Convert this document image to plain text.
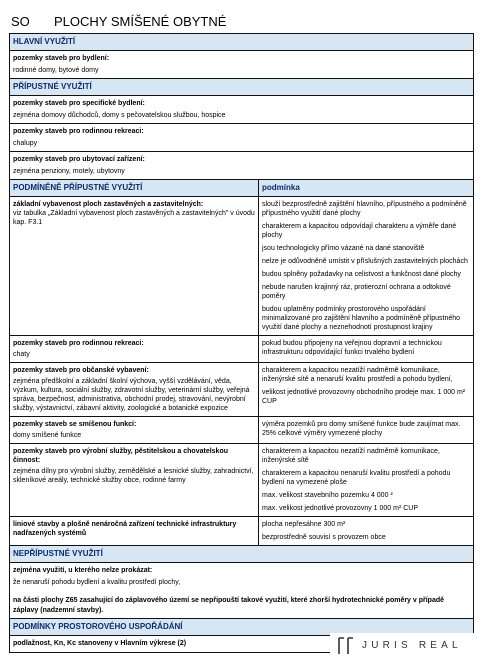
SO PLOCHY SMÍŠENÉ OBYTNÉ
HLAVNÍ VYUŽITÍ
pozemky staveb pro bydlení:
rodinné domy, bytové domy
PŘÍPUSTNÉ VYUŽITÍ
pozemky staveb pro specifické bydlení:
zejména domovy důchodců, domy s pečovatelskou službou, hospice
pozemky staveb pro rodinnou rekreaci:
chalupy
pozemky staveb pro ubytovací zařízení:
zejména penziony, motely, ubytovny
PODMÍNĚNĚ PŘÍPUSTNÉ VYUŽITÍ	podmínka
základní vybavenost ploch zastavěných a zastavitelných:
viz tabulka „Základní vybavenost ploch zastavěných a zastavitelných" v úvodu kap. F3.1
slouží bezprostředně zajištění hlavního, přípustného a podmíněně přípustného využití dané plochy
charakterem a kapacitou odpovídají charakteru a výměře dané plochy
jsou technologicky přímo vázané na dané stanoviště
nelze je odůvodněně umístit v příslušných zastavitelných plochách
budou splněny požadavky na celistvost a funkčnost dané plochy
nebude narušen krajinný ráz, protierozní ochrana a odtokové poměry
budou uplatněny podmínky prostorového uspořádání minimalizované pro zajištění hlavního a podmíněně přípustného využití dané plochy a neznehodnotí prostupnost krajiny
pozemky staveb pro rodinnou rekreaci:
chaty
pokud budou připojeny na veřejnou dopravní a technickou infrastrukturu odpovídající funkci trvalého bydlení
pozemky staveb pro občanské vybavení:
zejména předškolní a základní školní výchova, vyšší vzdělávání, věda, výzkum, kultura, sociální služby, zdravotní služby, veterinární služby, veřejná správa, bezpečnost, administrativa, obchodní prodej, stravování, nevýrobní služby, výstavnictví, zábavní aktivity, zoologické a botanické expozice
charakterem a kapacitou nezatíží nadměrně komunikace, inženýrské sítě a nenaruší kvalitu prostředí a pohodu bydlení,
velikost jednotlivé provozovny obchodního prodeje max. 1 000 m² CUP
pozemky staveb se smíšenou funkcí:
domy smíšené funkce
výměra pozemků pro domy smíšené funkce bude zaujímat max. 25% celkové výměry vymezené plochy
pozemky staveb pro výrobní služby, pěstitelskou a chovatelskou činnost:
zejména dílny pro výrobní služby, zemědělské a lesnické služby, zahradnictví, skleníkové areály, technické služby obce, rodinné farmy
charakterem a kapacitou nezatíží nadměrně komunikace, inženýrské sítě
charakterem a kapacitou nenaruší kvalitu prostředí a pohodu bydlení na vymezené ploše
max. velikost stavebního pozemku 4 000 ²
max. velikost jednotlivé provozovny 1 000 m² CUP
liniové stavby a plošně nenáročná zařízení technické infrastruktury nadřazených systémů
plocha nepřesáhne 300 m²
bezprostředně souvisí s provozem obce
NEPŘÍPUSTNÉ VYUŽITÍ
zejména využití, u kterého nelze prokázat:
že nenaruší pohodu bydlení a kvalitu prostředí plochy,
na části plochy Z65 zasahující do záplavového území se nepřipouští takové využití, které zhorší hydrotechnické poměry v případě záplavy (nadzemní stavby).
PODMÍNKY PROSTOROVÉHO USPOŘÁDÁNÍ
podlažnost, Kn, Kc stanoveny v Hlavním výkrese (2)	JURIS REAL
